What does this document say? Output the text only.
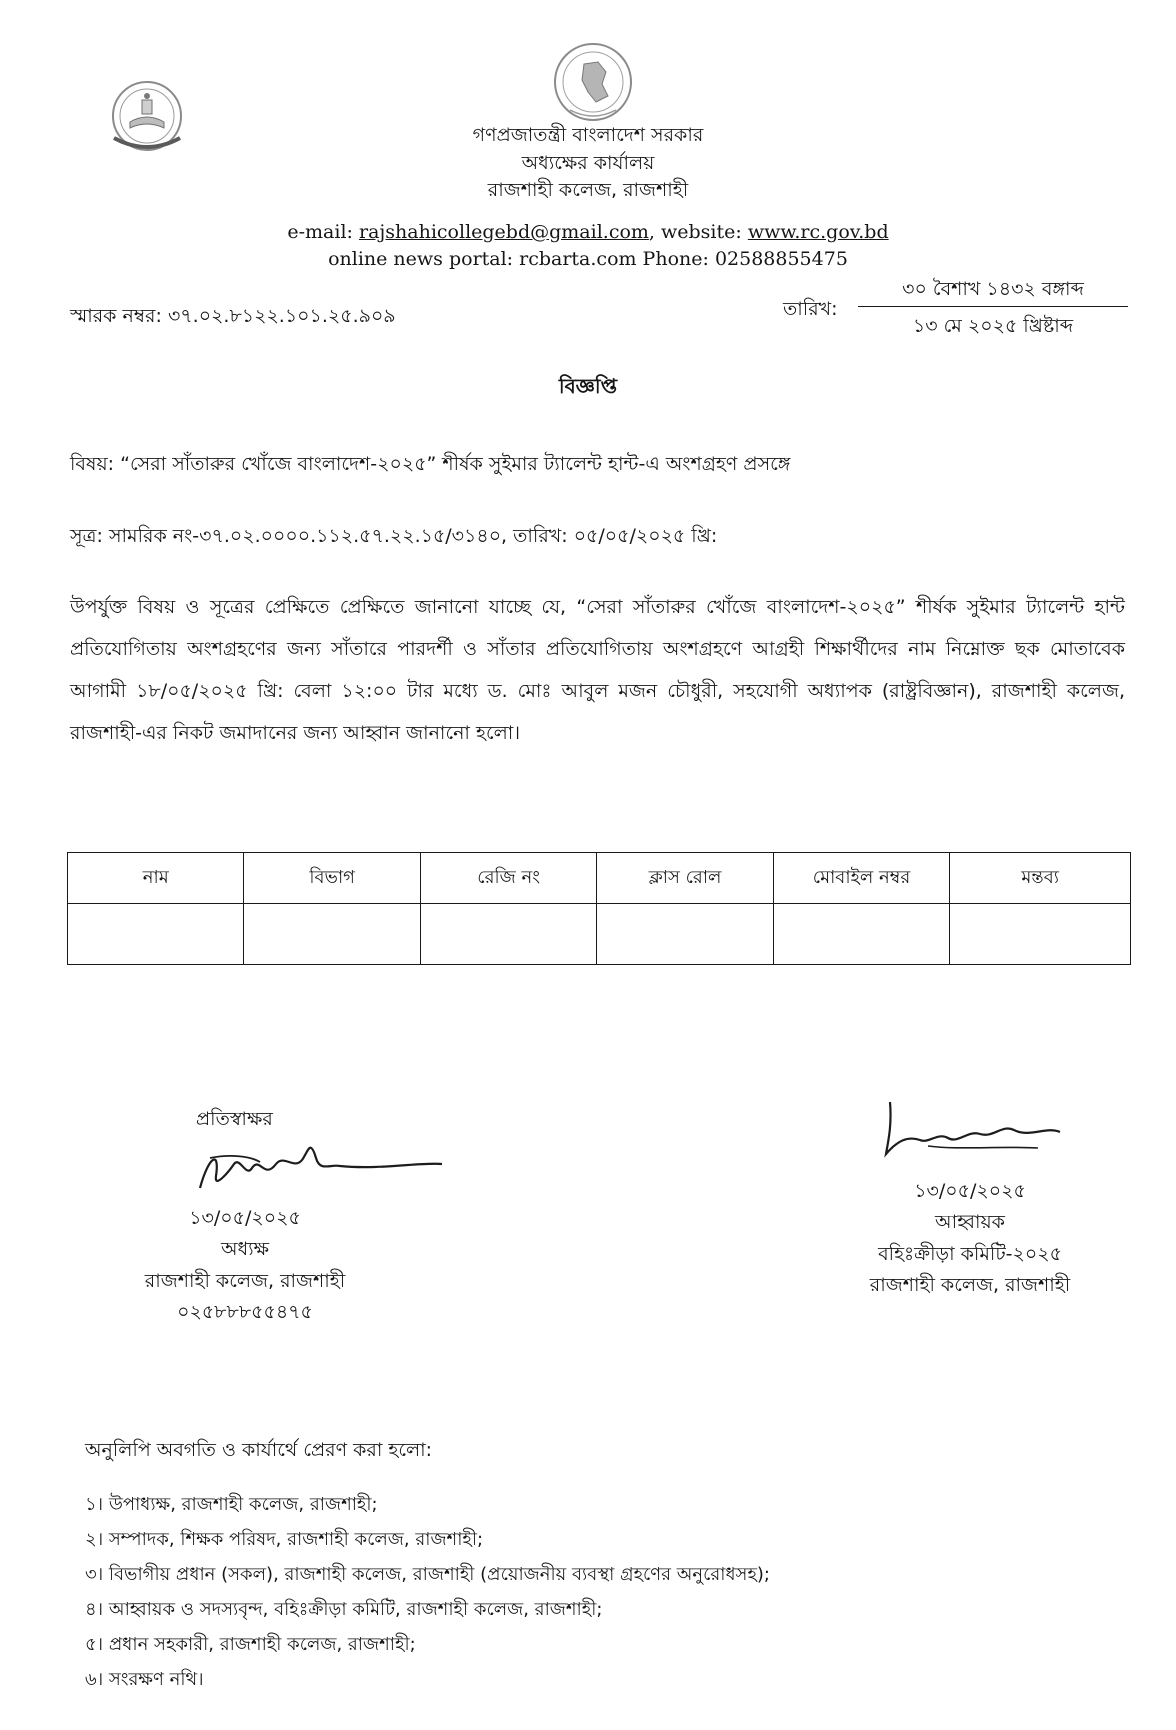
গণপ্রজাতন্ত্রী বাংলাদেশ সরকার
অধ্যক্ষের কার্যালয়
রাজশাহী কলেজ, রাজশাহী
e-mail: rajshahicollegebd@gmail.com, website: www.rc.gov.bd
online news portal: rcbarta.com Phone: 02588855475
স্মারক নম্বর: ৩৭.০২.৮১২২.১০১.২৫.৯০৯	তারিখ:
৩০ বৈশাখ ১৪৩২ বঙ্গাব্দ
১৩ মে ২০২৫ খ্রিষ্টাব্দ
বিজ্ঞপ্তি
বিষয়: “সেরা সাঁতারুর খোঁজে বাংলাদেশ-২০২৫” শীর্ষক সুইমার ট্যালেন্ট হান্ট-এ অংশগ্রহণ প্রসঙ্গে
সূত্র: সামরিক নং-৩৭.০২.০০০০.১১২.৫৭.২২.১৫/৩১৪০, তারিখ: ০৫/০৫/২০২৫ খ্রি:
উপর্যুক্ত বিষয় ও সূত্রের প্রেক্ষিতে প্রেক্ষিতে জানানো যাচ্ছে যে, “সেরা সাঁতারুর খোঁজে বাংলাদেশ-২০২৫” শীর্ষক সুইমার ট্যালেন্ট হান্ট প্রতিযোগিতায় অংশগ্রহণের জন্য সাঁতারে পারদর্শী ও সাঁতার প্রতিযোগিতায় অংশগ্রহণে আগ্রহী শিক্ষার্থীদের নাম নিম্নোক্ত ছক মোতাবেক আগামী ১৮/০৫/২০২৫ খ্রি: বেলা ১২:০০ টার মধ্যে ড. মোঃ আবুল মজন চৌধুরী, সহযোগী অধ্যাপক (রাষ্ট্রবিজ্ঞান), রাজশাহী কলেজ, রাজশাহী-এর নিকট জমাদানের জন্য আহ্বান জানানো হলো।
নাম	বিভাগ	রেজি নং	ক্লাস রোল	মোবাইল নম্বর	মন্তব্য

প্রতিস্বাক্ষর
১৩/০৫/২০২৫
অধ্যক্ষ
রাজশাহী কলেজ, রাজশাহী
০২৫৮৮৮৫৫৪৭৫
১৩/০৫/২০২৫
আহ্বায়ক
বহিঃক্রীড়া কমিটি-২০২৫
রাজশাহী কলেজ, রাজশাহী
অনুলিপি অবগতি ও কার্যার্থে প্রেরণ করা হলো:
১। উপাধ্যক্ষ, রাজশাহী কলেজ, রাজশাহী;
২। সম্পাদক, শিক্ষক পরিষদ, রাজশাহী কলেজ, রাজশাহী;
৩। বিভাগীয় প্রধান (সকল), রাজশাহী কলেজ, রাজশাহী (প্রয়োজনীয় ব্যবস্থা গ্রহণের অনুরোধসহ);
৪। আহ্বায়ক ও সদস্যবৃন্দ, বহিঃক্রীড়া কমিটি, রাজশাহী কলেজ, রাজশাহী;
৫। প্রধান সহকারী, রাজশাহী কলেজ, রাজশাহী;
৬। সংরক্ষণ নথি।
